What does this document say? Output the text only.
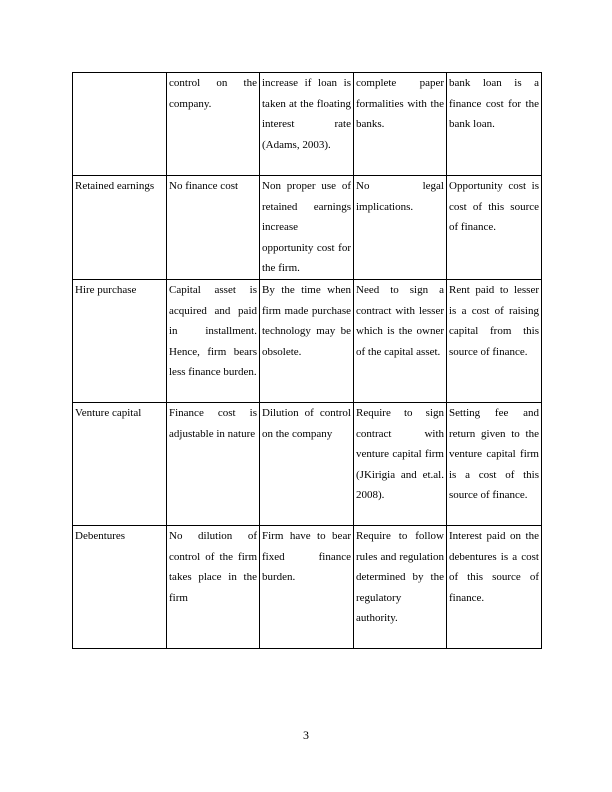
	control on the company.	increase if loan is taken at the floating interest rate (Adams, 2003).	complete paper formalities with the banks.	bank loan is a finance cost for the bank loan.
Retained earnings	No finance cost	Non proper use of retained earnings increase opportunity cost for the firm.	No legal implications.	Opportunity cost is cost of this source of finance.
Hire purchase	Capital asset is acquired and paid in installment. Hence, firm bears less finance burden.	By the time when firm made purchase technology may be obsolete.	Need to sign a contract with lesser which is the owner of the capital asset.	Rent paid to lesser is a cost of raising capital from this source of finance.
Venture capital	Finance cost is adjustable in nature	Dilution of control on the company	Require to sign contract with venture capital firm (JKirigia and et.al. 2008).	Setting fee and return given to the venture capital firm is a cost of this source of finance.
Debentures	No dilution of control of the firm takes place in the firm	Firm have to bear fixed finance burden.	Require to follow rules and regulation determined by the regulatory authority.	Interest paid on the debentures is a cost of this source of finance.
3
